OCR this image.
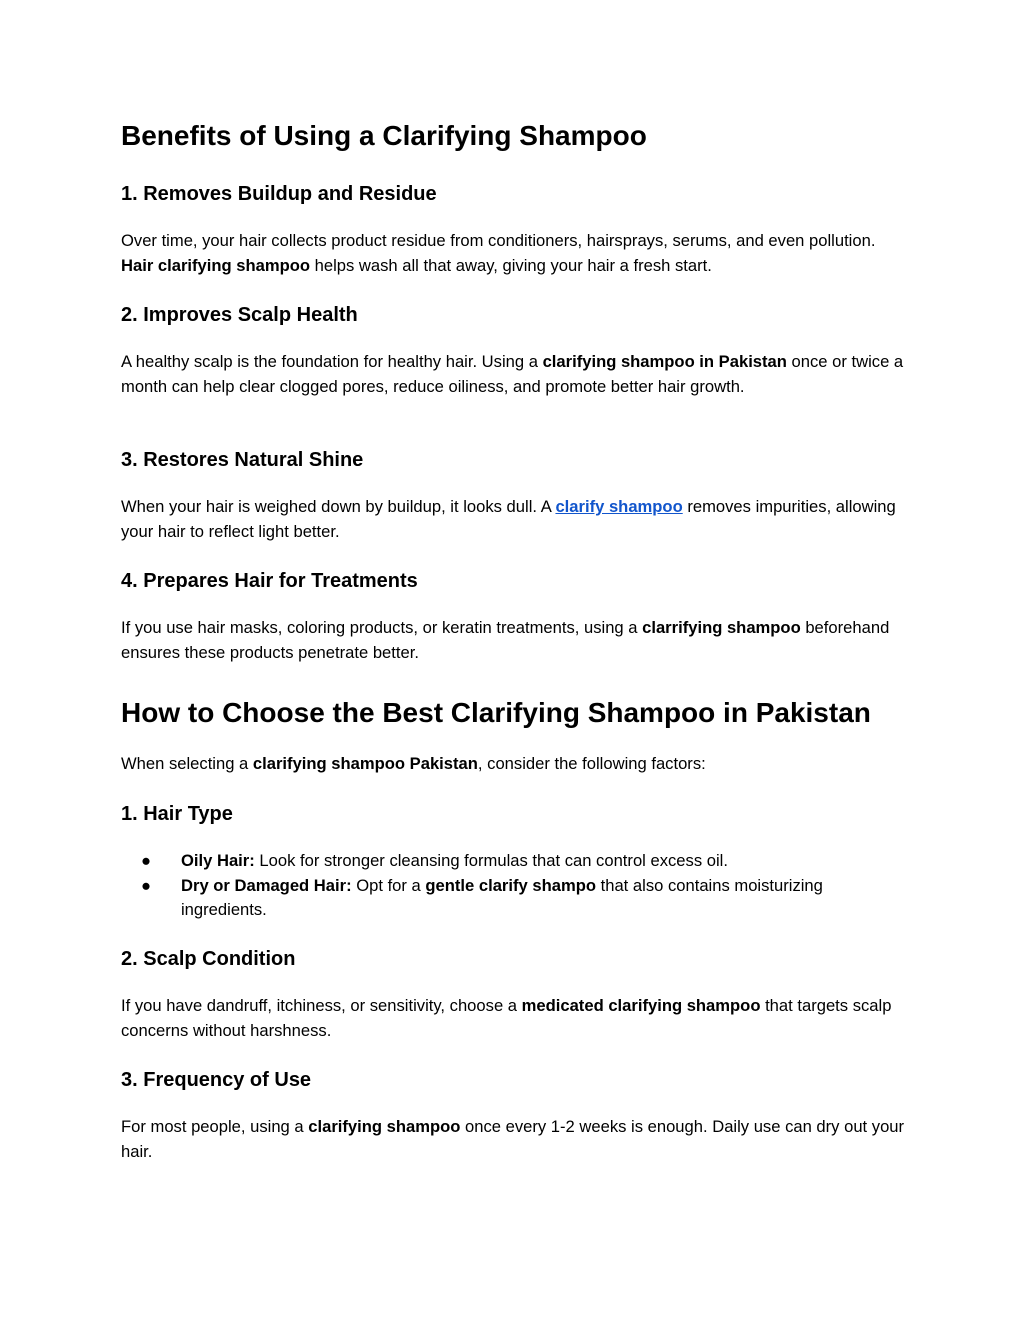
Benefits of Using a Clarifying Shampoo
1. Removes Buildup and Residue

Over time, your hair collects product residue from conditioners, hairsprays, serums, and even pollution. Hair clarifying shampoo helps wash all that away, giving your hair a fresh start.

2. Improves Scalp Health

A healthy scalp is the foundation for healthy hair. Using a clarifying shampoo in Pakistan once or twice a month can help clear clogged pores, reduce oiliness, and promote better hair growth.

3. Restores Natural Shine

When your hair is weighed down by buildup, it looks dull. A clarify shampoo removes impurities, allowing your hair to reflect light better.

4. Prepares Hair for Treatments

If you use hair masks, coloring products, or keratin treatments, using a clarrifying shampoo beforehand ensures these products penetrate better.

How to Choose the Best Clarifying Shampoo in Pakistan

When selecting a clarifying shampoo Pakistan, consider the following factors:

1. Hair Type
● Oily Hair: Look for stronger cleansing formulas that can control excess oil.
● Dry or Damaged Hair: Opt for a gentle clarify shampo that also contains moisturizing ingredients.
2. Scalp Condition

If you have dandruff, itchiness, or sensitivity, choose a medicated clarifying shampoo that targets scalp concerns without harshness.

3. Frequency of Use

For most people, using a clarifying shampoo once every 1-2 weeks is enough. Daily use can dry out your hair.
